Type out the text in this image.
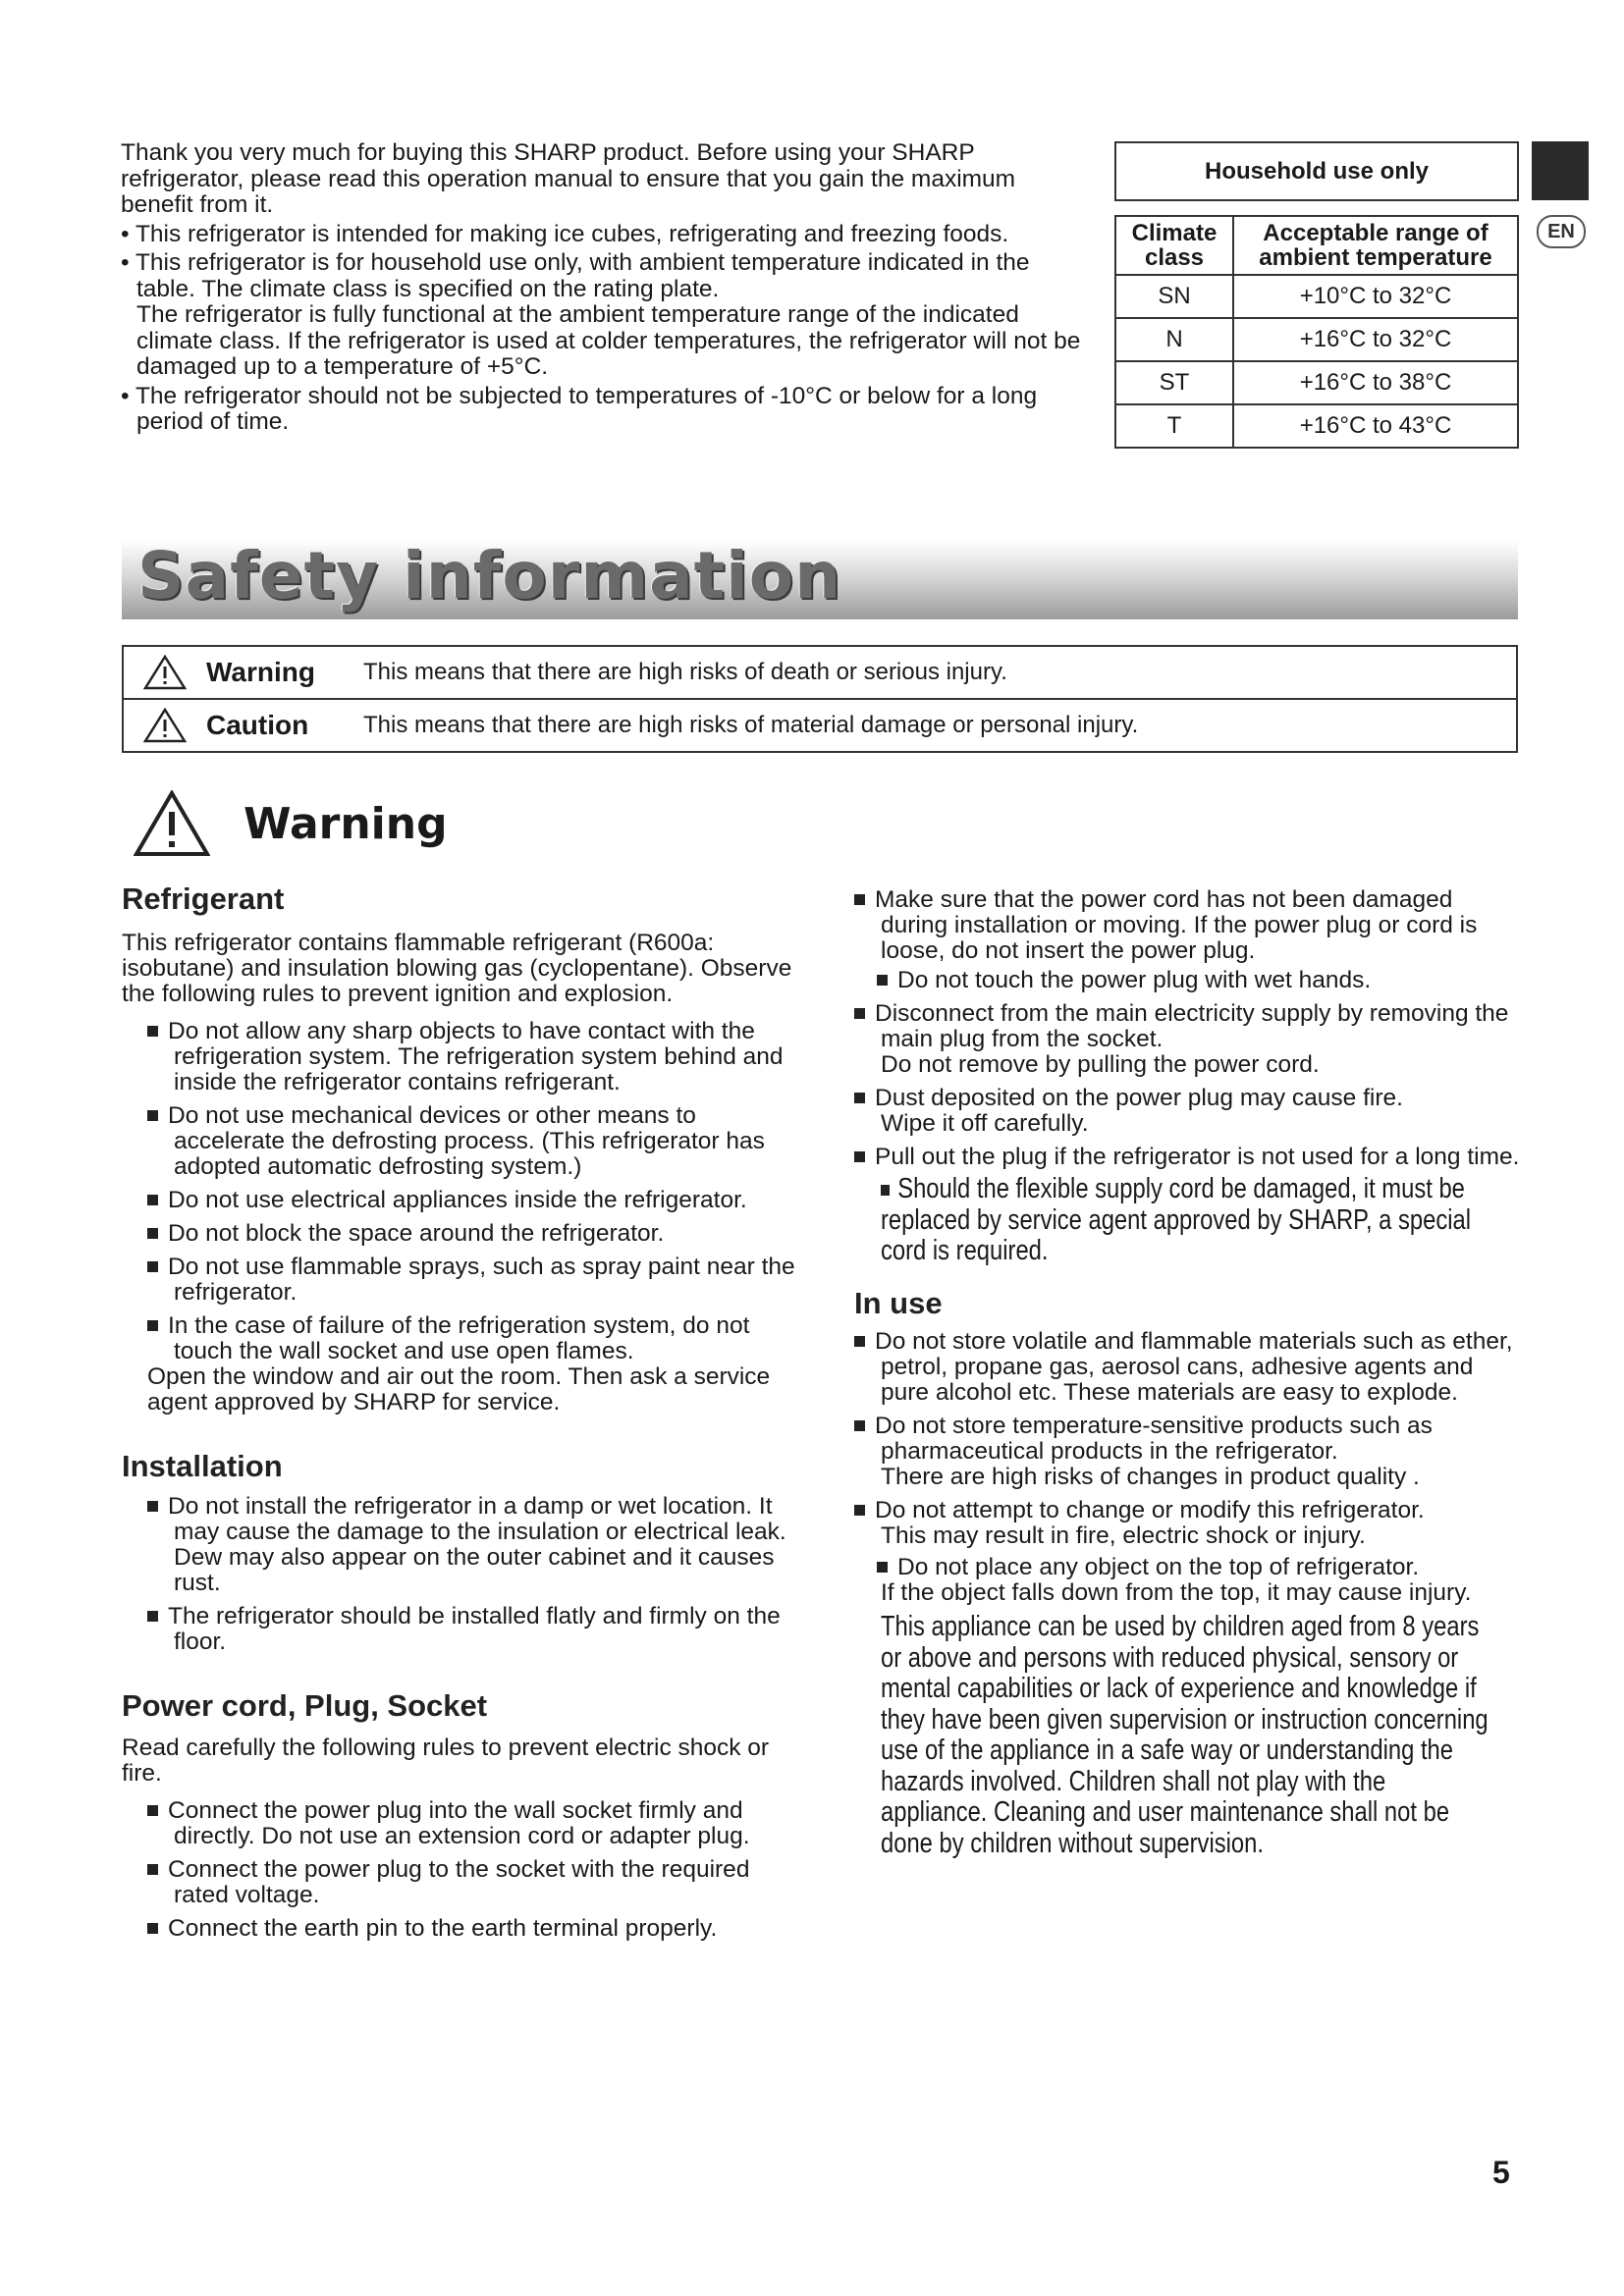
Thank you very much for buying this SHARP product. Before using your SHARP refrigerator, please read this operation manual to ensure that you gain the maximum benefit from it.

• This refrigerator is intended for making ice cubes, refrigerating and freezing foods.

• This refrigerator is for household use only, with ambient temperature indicated in the table. The climate class is specified on the rating plate.

The refrigerator is fully functional at the ambient temperature range of the indicated climate class. If the refrigerator is used at colder temperatures, the refrigerator will not be damaged up to a temperature of +5°C.

• The refrigerator should not be subjected to temperatures of -10°C or below for a long period of time.

Household use only	

Climate class	Acceptable range of ambient temperature
SN	+10°C to 32°C
N	+16°C to 32°C
ST	+16°C to 38°C
T	+16°C to 43°C
EN
Safety information
Warning	This means that there are high risks of death or serious injury.
Caution	This means that there are high risks of material damage or personal injury.
Warning
Refrigerant

This refrigerator contains flammable refrigerant (R600a: isobutane) and insulation blowing gas (cyclopentane). Observe the following rules to prevent ignition and explosion.

Do not allow any sharp objects to have contact with the refrigeration system. The refrigeration system behind and inside the refrigerator contains refrigerant.

Do not use mechanical devices or other means to accelerate the defrosting process. (This refrigerator has adopted automatic defrosting system.)

Do not use electrical appliances inside the refrigerator.

Do not block the space around the refrigerator.

Do not use flammable sprays, such as spray paint near the refrigerator.

In the case of failure of the refrigeration system, do not touch the wall socket and use open flames.

Open the window and air out the room. Then ask a service agent approved by SHARP for service.

Installation

Do not install the refrigerator in a damp or wet location. It may cause the damage to the insulation or electrical leak. Dew may also appear on the outer cabinet and it causes rust.

The refrigerator should be installed flatly and firmly on the floor.

Power cord, Plug, Socket

Read carefully the following rules to prevent electric shock or fire.

Connect the power plug into the wall socket firmly and directly. Do not use an extension cord or adapter plug.

Connect the power plug to the socket with the required rated voltage.

Connect the earth pin to the earth terminal properly.

Make sure that the power cord has not been damaged during installation or moving. If the power plug or cord is loose, do not insert the power plug.

Do not touch the power plug with wet hands.

Disconnect from the main electricity supply by removing the main plug from the socket.

Do not remove by pulling the power cord.

Dust deposited on the power plug may cause fire.

Wipe it off carefully.

Pull out the plug if the refrigerator is not used for a long time.

Should the flexible supply cord be damaged, it must be replaced by service agent approved by SHARP, a special cord is required.

In use

Do not store volatile and flammable materials such as ether, petrol, propane gas, aerosol cans, adhesive agents and pure alcohol etc. These materials are easy to explode.

Do not store temperature-sensitive products such as pharmaceutical products in the refrigerator.

There are high risks of changes in product quality .

Do not attempt to change or modify this refrigerator.

This may result in fire, electric shock or injury.

Do not place any object on the top of refrigerator.

If the object falls down from the top, it may cause injury.

This appliance can be used by children aged from 8 years or above and persons with reduced physical, sensory or mental capabilities or lack of experience and knowledge if they have been given supervision or instruction concerning use of the appliance in a safe way or understanding the hazards involved. Children shall not play with the appliance. Cleaning and user maintenance shall not be done by children without supervision.

5
